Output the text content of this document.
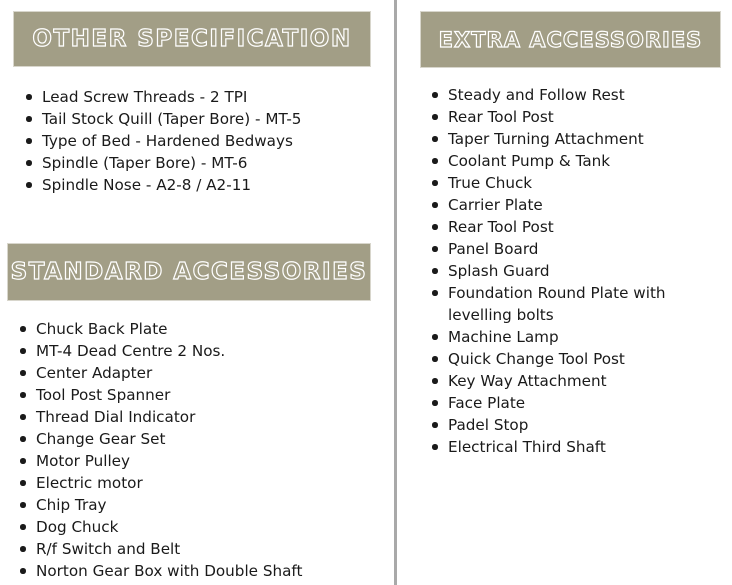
OTHER SPECIFICATION
Lead Screw Threads - 2 TPI
Tail Stock Quill (Taper Bore) - MT-5
Type of Bed - Hardened Bedways
Spindle (Taper Bore) - MT-6
Spindle Nose - A2-8 / A2-11
STANDARD ACCESSORIES
Chuck Back Plate
MT-4 Dead Centre 2 Nos.
Center Adapter
Tool Post Spanner
Thread Dial Indicator
Change Gear Set
Motor Pulley
Electric motor
Chip Tray
Dog Chuck
R/f Switch and Belt
Norton Gear Box with Double Shaft
EXTRA ACCESSORIES
Steady and Follow Rest
Rear Tool Post
Taper Turning Attachment
Coolant Pump & Tank
True Chuck
Carrier Plate
Rear Tool Post
Panel Board
Splash Guard
Foundation Round Plate with levelling bolts
Machine Lamp
Quick Change Tool Post
Key Way Attachment
Face Plate
Padel Stop
Electrical Third Shaft
